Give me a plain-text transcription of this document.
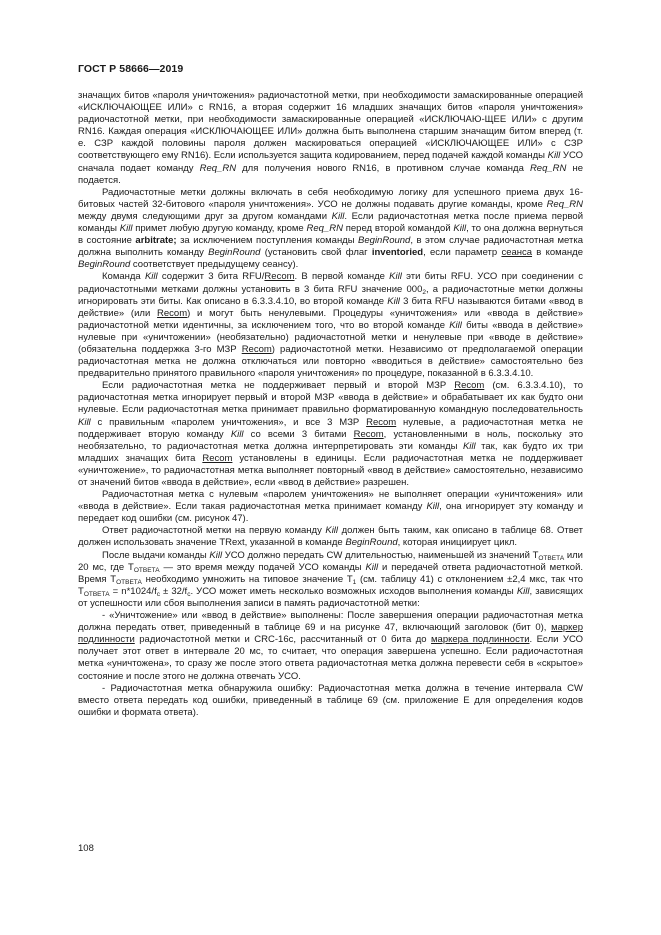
ГОСТ Р 58666—2019

значащих битов «пароля уничтожения» радиочастотной метки, при необходимости замаскированные операцией «ИСКЛЮЧАЮЩЕЕ ИЛИ» с RN16, а вторая содержит 16 младших значащих битов «пароля уничтожения» радиочастотной метки, при необходимости замаскированные операцией «ИСКЛЮЧАЮ-ЩЕЕ ИЛИ» с другим RN16. Каждая операция «ИСКЛЮЧАЮЩЕЕ ИЛИ» должна быть выполнена старшим значащим битом вперед (т. е. СЗР каждой половины пароля должен маскироваться операцией «ИСКЛЮЧАЮЩЕЕ ИЛИ» с СЗР соответствующего ему RN16). Если используется защита кодированием, перед подачей каждой команды Kill УСО сначала подает команду Req_RN для получения нового RN16, в противном случае команда Req_RN не подается.

Радиочастотные метки должны включать в себя необходимую логику для успешного приема двух 16-битовых частей 32-битового «пароля уничтожения». УСО не должны подавать другие команды, кроме Req_RN между двумя следующими друг за другом командами Kill. Если радиочастотная метка после приема первой команды Kill примет любую другую команду, кроме Req_RN перед второй командой Kill, то она должна вернуться в состояние arbitrate; за исключением поступления команды BeginRound, в этом случае радиочастотная метка должна выполнить команду BeginRound (установить свой флаг inventoried, если параметр сеанса в команде BeginRound соответствует предыдущему сеансу).

Команда Kill содержит 3 бита RFU/Recom. В первой команде Kill эти биты RFU. УСО при соединении с радиочастотными метками должны установить в 3 бита RFU значение $000_2$, а радиочастотные метки должны игнорировать эти биты. Как описано в 6.3.3.4.10, во второй команде Kill 3 бита RFU называются битами «ввод в действие» (или Recom) и могут быть ненулевыми. Процедуры «уничтожения» или «ввода в действие» радиочастотной метки идентичны, за исключением того, что во второй команде Kill биты «ввода в действие» нулевые при «уничтожении» (необязательно) радиочастотной метки и ненулевые при «вводе в действие» (обязательна поддержка 3-го МЗР Recom) радиочастотной метки. Независимо от предполагаемой операции радиочастотная метка не должна отключаться или повторно «вводиться в действие» самостоятельно без предварительно принятого правильного «пароля уничтожения» по процедуре, показанной в 6.3.3.4.10.

Если радиочастотная метка не поддерживает первый и второй МЗР Recom (см. 6.3.3.4.10), то радиочастотная метка игнорирует первый и второй МЗР «ввода в действие» и обрабатывает их как будто они нулевые. Если радиочастотная метка принимает правильно форматированную командную последовательность Kill с правильным «паролем уничтожения», и все 3 МЗР Recom нулевые, а радиочастотная метка не поддерживает вторую команду Kill со всеми 3 битами Recom, установленными в ноль, поскольку это необязательно, то радиочастотная метка должна интерпретировать эти команды Kill так, как будто их три младших значащих бита Recom установлены в единицы. Если радиочастотная метка не поддерживает «уничтожение», то радиочастотная метка выполняет повторный «ввод в действие» самостоятельно, независимо от значений битов «ввода в действие», если «ввод в действие» разрешен.

Радиочастотная метка с нулевым «паролем уничтожения» не выполняет операции «уничтожения» или «ввода в действие». Если такая радиочастотная метка принимает команду Kill, она игнорирует эту команду и передает код ошибки (см. рисунок 47).

Ответ радиочастотной метки на первую команду Kill должен быть таким, как описано в таблице 68. Ответ должен использовать значение TRext, указанной в команде BeginRound, которая инициирует цикл.

После выдачи команды Kill УСО должно передать CW длительностью, наименьшей из значений $T_{ОТВЕТА}$ или 20 мс, где $T_{ОТВЕТА}$ — это время между подачей УСО команды Kill и передачей ответа радиочастотной меткой. Время $T_{ОТВЕТА}$ необходимо умножить на типовое значение $T_1$ (см. таблицу 41) с отклонением ±2,4 мкс, так что $T_{ОТВЕТА} = n*1024/f_c \pm 32/f_c$. УСО может иметь несколько возможных исходов выполнения команды Kill, зависящих от успешности или сбоя выполнения записи в память радиочастотной метки:

- «Уничтожение» или «ввод в действие» выполнены: После завершения операции радиочастотная метка должна передать ответ, приведенный в таблице 69 и на рисунке 47, включающий заголовок (бит 0), маркер подлинности радиочастотной метки и CRC-16c, рассчитанный от 0 бита до маркера подлинности. Если УСО получает этот ответ в интервале 20 мс, то считает, что операция завершена успешно. Если радиочастотная метка «уничтожена», то сразу же после этого ответа радиочастотная метка должна перевести себя в «скрытое» состояние и после этого не должна отвечать УСО.

- Радиочастотная метка обнаружила ошибку: Радиочастотная метка должна в течение интервала CW вместо ответа передать код ошибки, приведенный в таблице 69 (см. приложение Е для определения кодов ошибки и формата ответа).

108
